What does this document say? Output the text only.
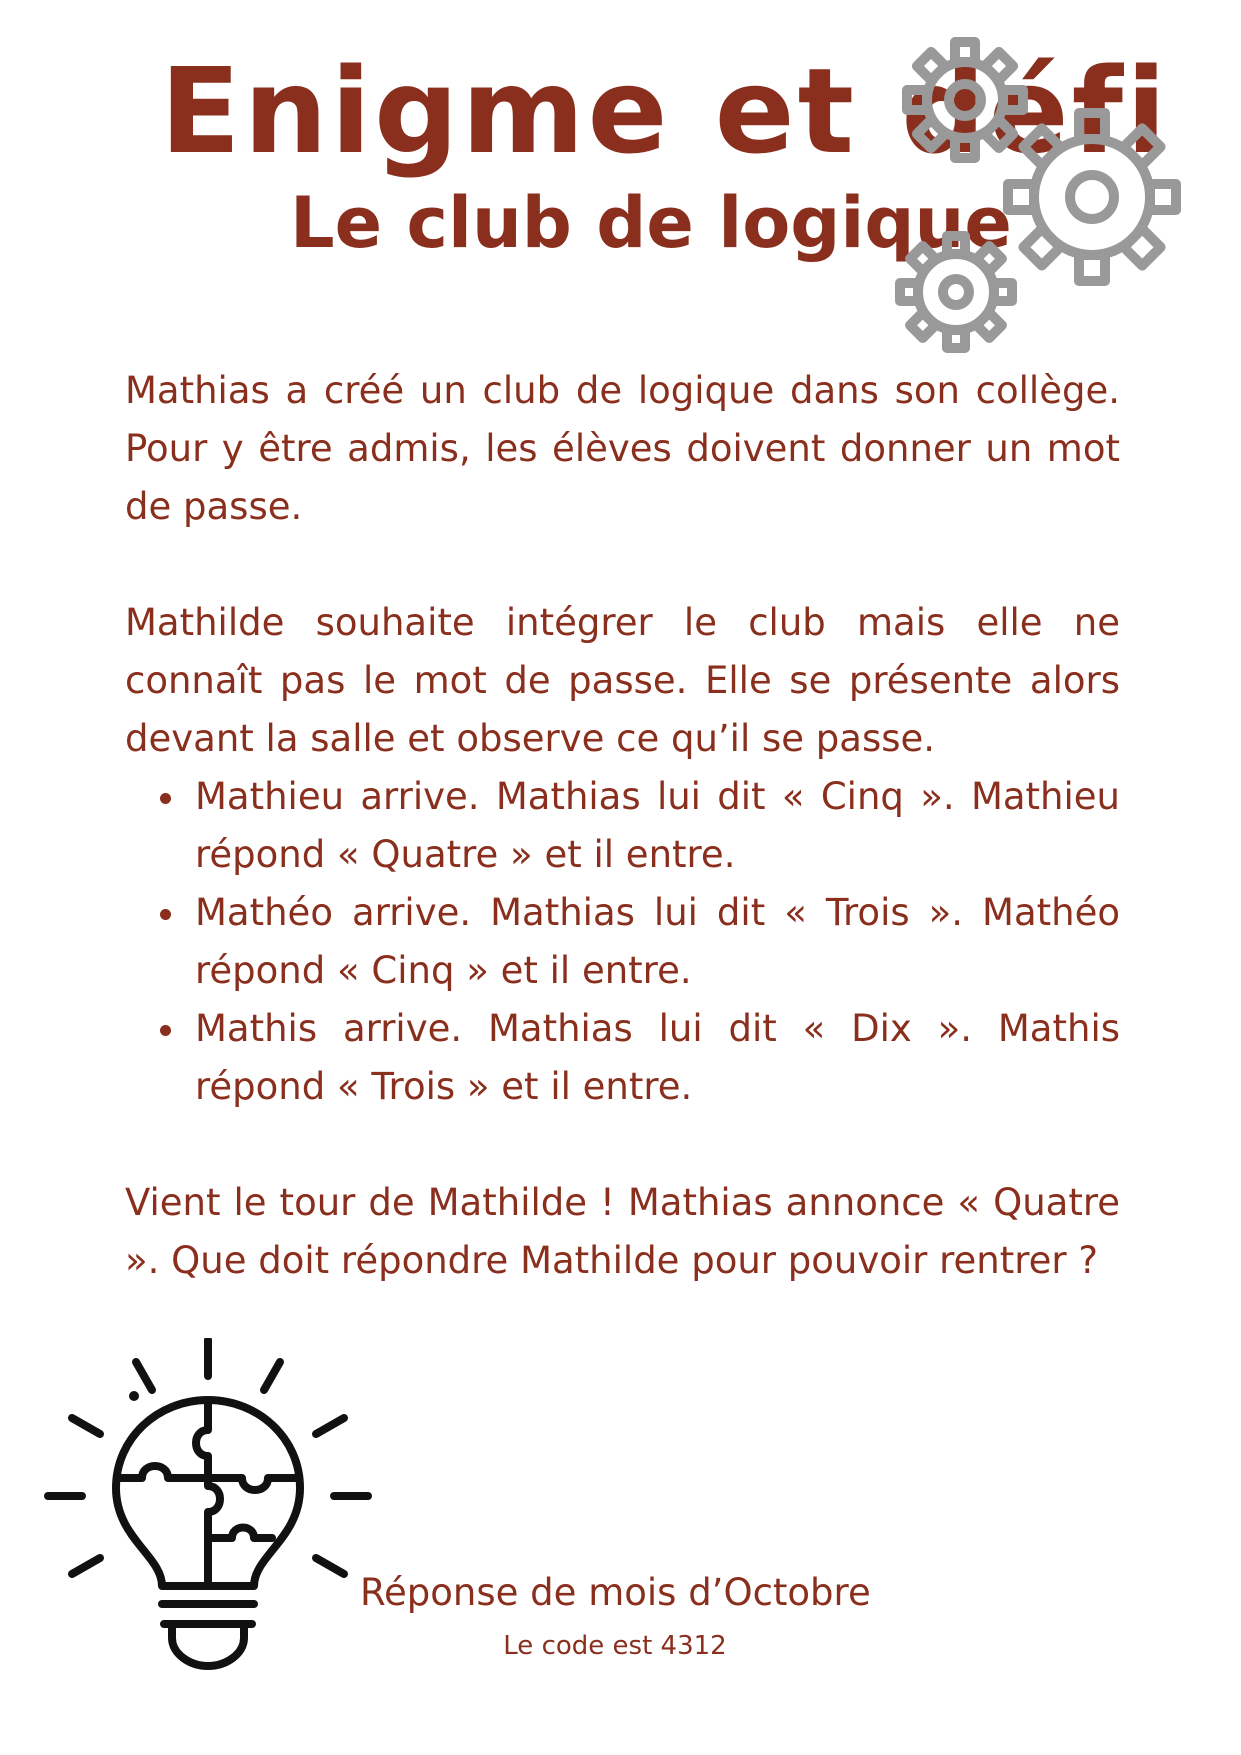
Enigme et défi
Le club de logique

Mathias a créé un club de logique dans son collège. Pour y être admis, les élèves doivent donner un mot de passe.

Mathilde souhaite intégrer le club mais elle ne connaît pas le mot de passe. Elle se présente alors devant la salle et observe ce qu’il se passe.

Mathieu arrive. Mathias lui dit « Cinq ». Mathieu répond « Quatre » et il entre.
Mathéo arrive. Mathias lui dit « Trois ». Mathéo répond « Cinq » et il entre.
Mathis arrive. Mathias lui dit « Dix ». Mathis répond « Trois » et il entre.

Vient le tour de Mathilde ! Mathias annonce « Quatre ». Que doit répondre Mathilde pour pouvoir rentrer ?

Réponse de mois d’Octobre
Le code est 4312
